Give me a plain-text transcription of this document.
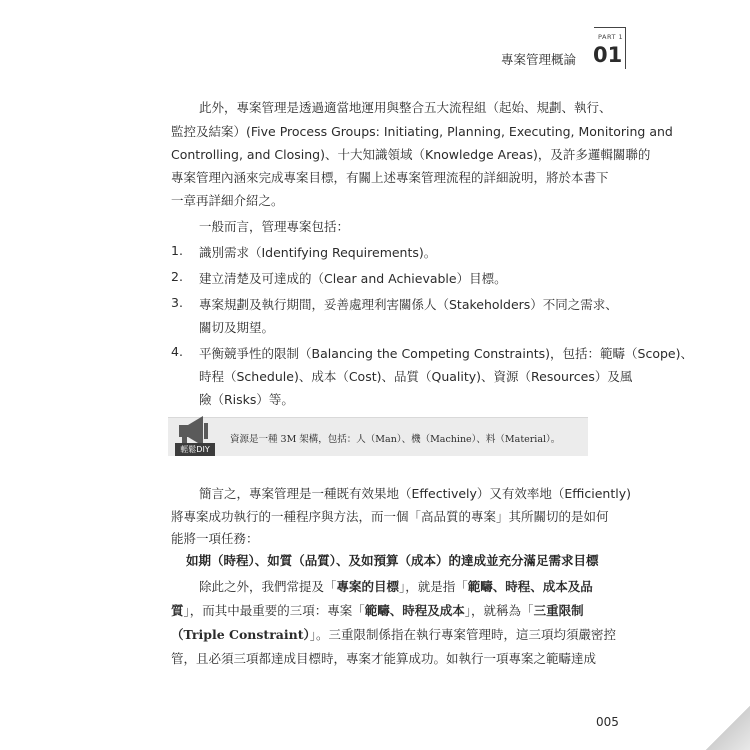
專案管理概論
PART 1
01
此外，專案管理是透過適當地運用與整合五大流程組（起始、規劃、執行、
監控及結案）(Five Process Groups: Initiating, Planning, Executing, Monitoring and
Controlling, and Closing)、十大知識領域（Knowledge Areas)，及許多邏輯關聯的
專案管理內涵來完成專案目標，有關上述專案管理流程的詳細說明，將於本書下
一章再詳細介紹之。
一般而言，管理專案包括：
1. 識別需求（Identifying Requirements)。
2. 建立清楚及可達成的（Clear and Achievable）目標。
3. 專案規劃及執行期間，妥善處理利害關係人（Stakeholders）不同之需求、
關切及期望。
4. 平衡競爭性的限制（Balancing the Competing Constraints)，包括：範疇（Scope)、
時程（Schedule)、成本（Cost)、品質（Quality)、資源（Resources）及風
險（Risks）等。
輕鬆DIY
資源是一種 3M 架構，包括：人（Man）、機（Machine）、料（Material）。
簡言之，專案管理是一種既有效果地（Effectively）又有效率地（Efficiently)
將專案成功執行的一種程序與方法，而一個「高品質的專案」其所關切的是如何
能將一項任務：
如期（時程）、如質（品質）、及如預算（成本）的達成並充分滿足需求目標
除此之外，我們常提及「專案的目標」，就是指「範疇、時程、成本及品
質」，而其中最重要的三項：專案「範疇、時程及成本」，就稱為「三重限制
（Triple Constraint）」。三重限制係指在執行專案管理時，這三項均須嚴密控
管，且必須三項都達成目標時，專案才能算成功。如執行一項專案之範疇達成
005
